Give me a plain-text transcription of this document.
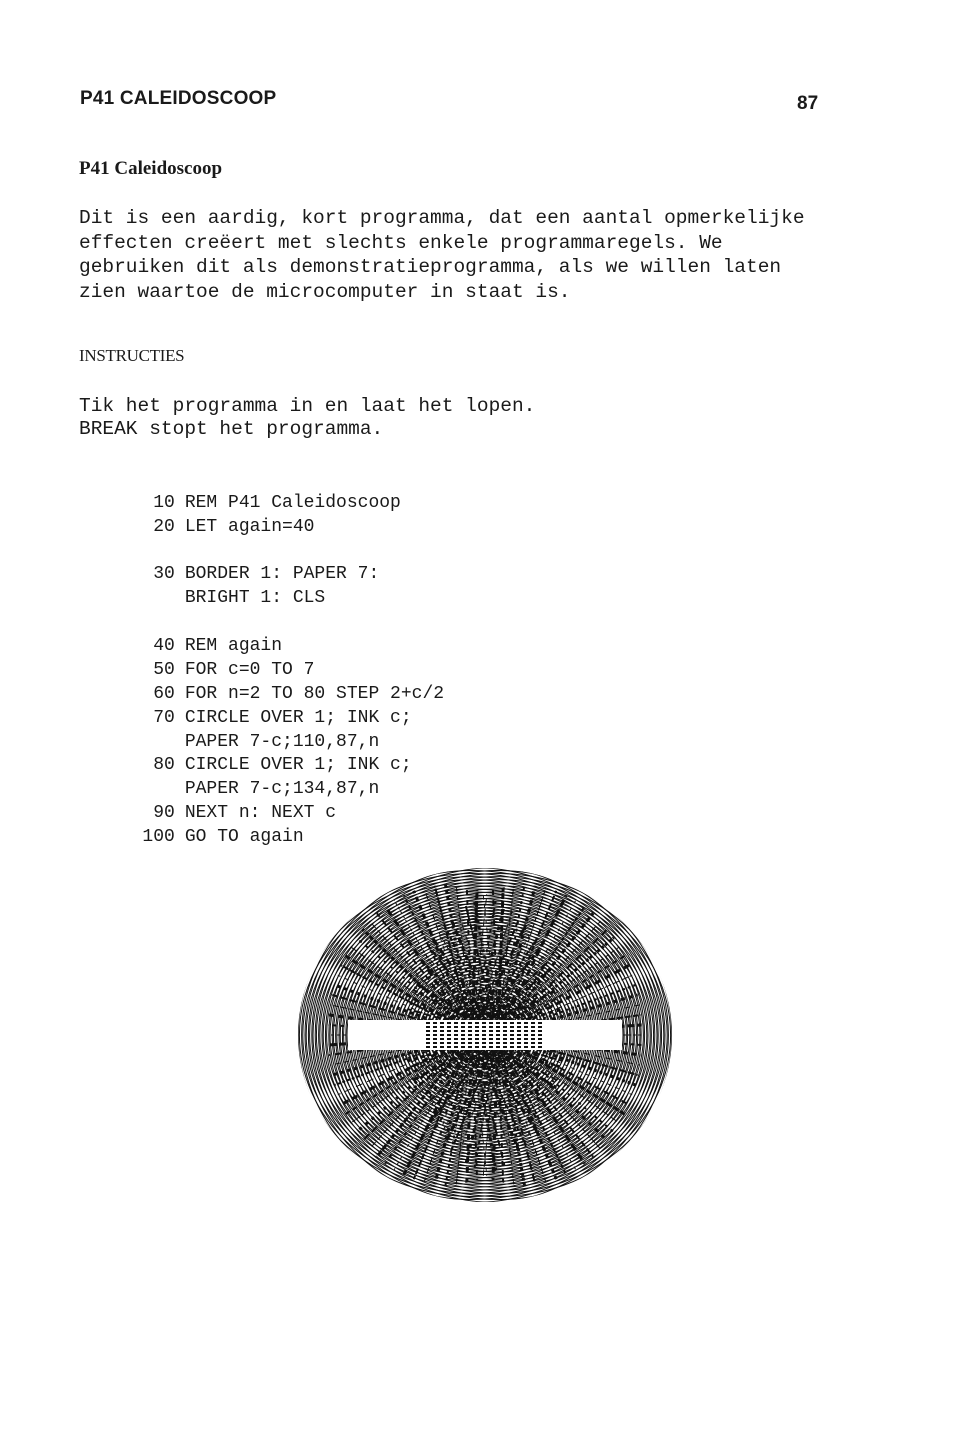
P41 CALEIDOSCOOP	87
P41 Caleidoscoop
Dit is een aardig, kort programma, dat een aantal opmerkelijke
effecten creëert met slechts enkele programmaregels. We
gebruiken dit als demonstratieprogramma, als we willen laten
zien waartoe de microcomputer in staat is.
INSTRUCTIES
Tik het programma in en laat het lopen.
BREAK stopt het programma.

10 REM P41 Caleidoscoop

20 LET again=40

30 BORDER 1: PAPER 7:

BRIGHT 1: CLS

40 REM again

50 FOR c=0 TO 7

60 FOR n=2 TO 80 STEP 2+c/2

70 CIRCLE OVER 1; INK c;

PAPER 7-c;110,87,n

80 CIRCLE OVER 1; INK c;

PAPER 7-c;134,87,n

90 NEXT n: NEXT c

100 GO TO again
